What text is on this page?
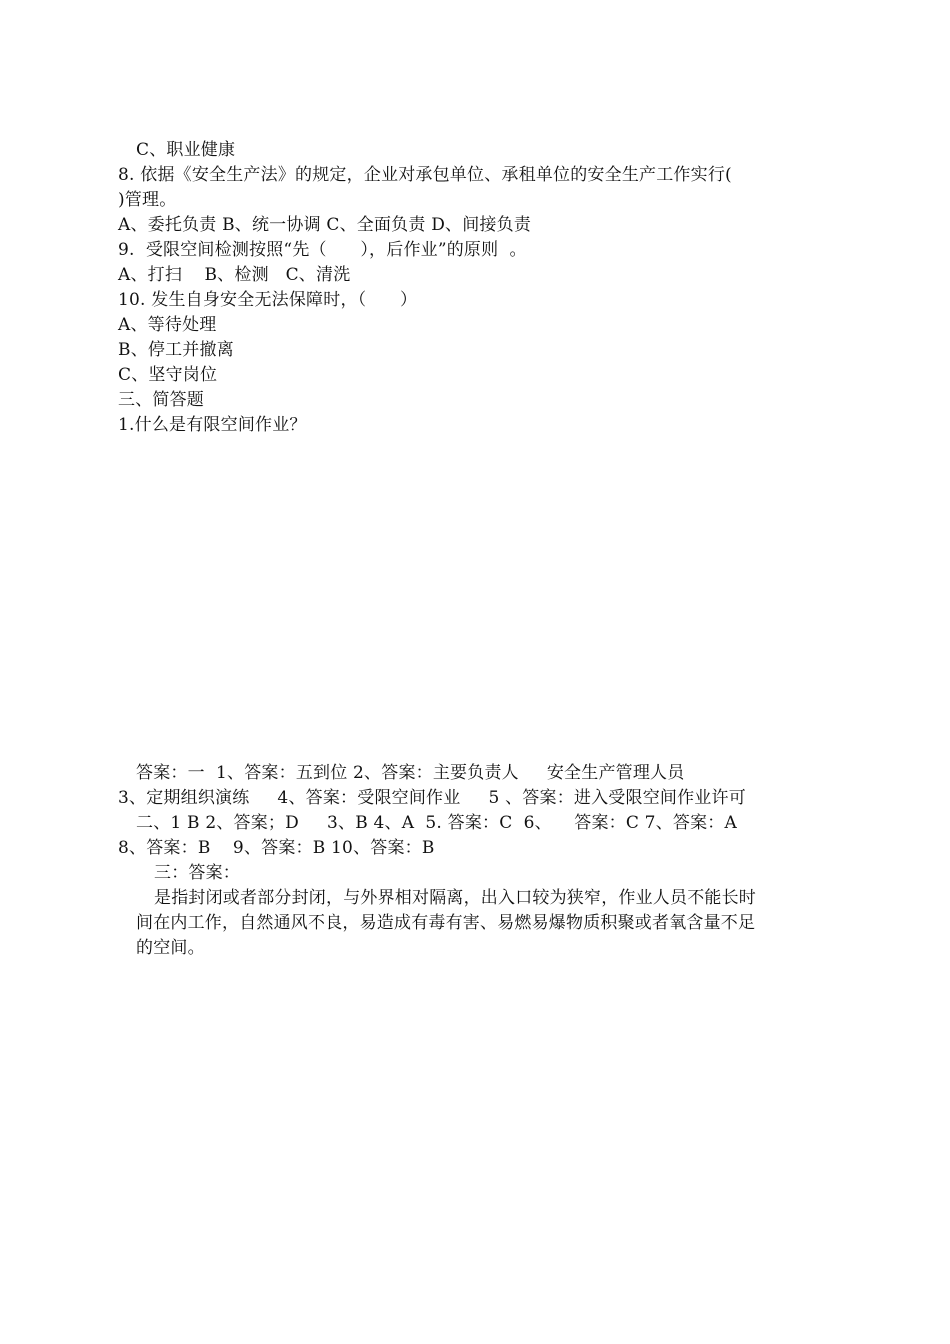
C、职业健康
8. 依据《安全生产法》的规定，企业对承包单位、承租单位的安全生产工作实行(
)管理。
A、委托负责 B、统一协调 C、全面负责 D、间接负责
9.  受限空间检测按照“先（      ），后作业”的原则  。
A、打扫    B、检测   C、清洗
10. 发生自身安全无法保障时，（      ）
A、等待处理
B、停工并撤离
C、坚守岗位
三、简答题
1.什么是有限空间作业？
答案：一  1、答案：五到位 2、答案：主要负责人     安全生产管理人员
3、定期组织演练     4、答案：受限空间作业     5 、答案：进入受限空间作业许可
二、1 B 2、答案；D     3、B 4、A  5. 答案：C  6、    答案：C 7、答案：A
8、答案：B    9、答案：B 10、答案：B
三：答案：
是指封闭或者部分封闭，与外界相对隔离，出入口较为狭窄，作业人员不能长时
间在内工作，自然通风不良，易造成有毒有害、易燃易爆物质积聚或者氧含量不足
的空间。
